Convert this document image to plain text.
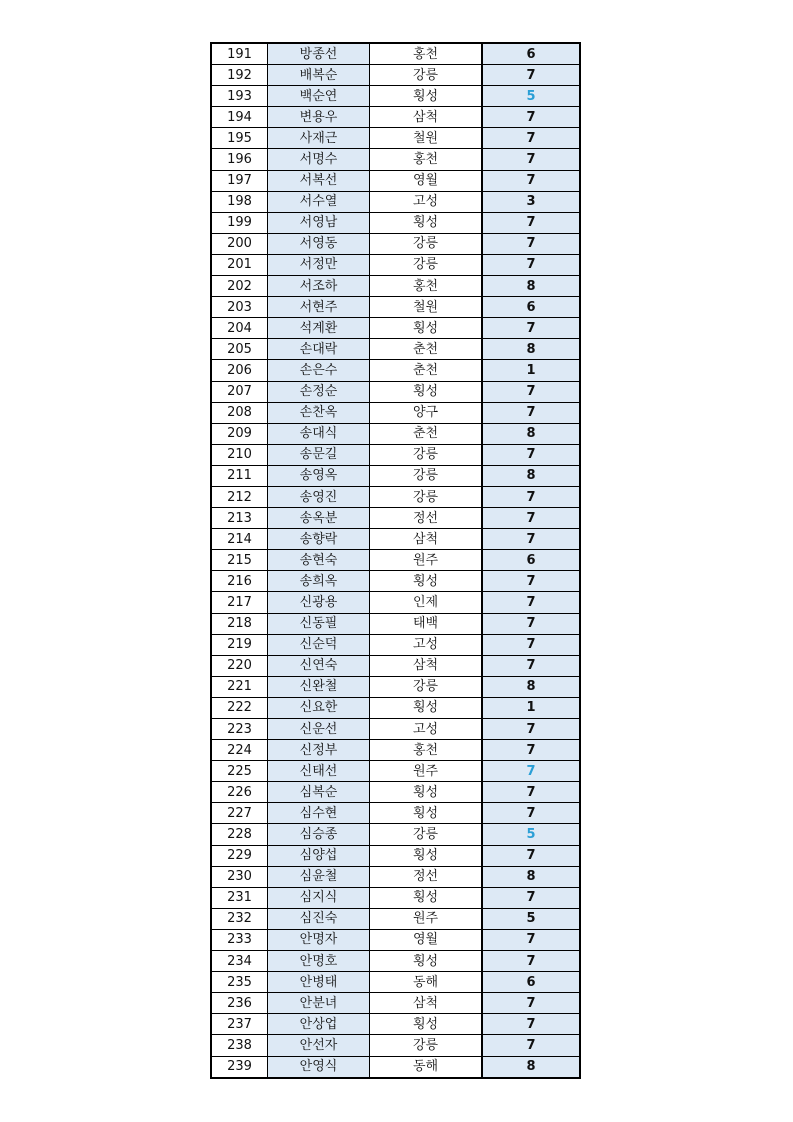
191	방종선	홍천	6
192	배복순	강릉	7
193	백순연	횡성	5
194	변용우	삼척	7
195	사재근	철원	7
196	서명수	홍천	7
197	서복선	영월	7
198	서수열	고성	3
199	서영남	횡성	7
200	서영동	강릉	7
201	서정만	강릉	7
202	서조하	홍천	8
203	서현주	철원	6
204	석계환	횡성	7
205	손대락	춘천	8
206	손은수	춘천	1
207	손정순	횡성	7
208	손찬옥	양구	7
209	송대식	춘천	8
210	송문길	강릉	7
211	송영옥	강릉	8
212	송영진	강릉	7
213	송옥분	정선	7
214	송향락	삼척	7
215	송현숙	원주	6
216	송희옥	횡성	7
217	신광용	인제	7
218	신동필	태백	7
219	신순덕	고성	7
220	신연숙	삼척	7
221	신완철	강릉	8
222	신요한	횡성	1
223	신운선	고성	7
224	신정부	홍천	7
225	신태선	원주	7
226	심복순	횡성	7
227	심수현	횡성	7
228	심승종	강릉	5
229	심양섭	횡성	7
230	심윤철	정선	8
231	심지식	횡성	7
232	심진숙	원주	5
233	안명자	영월	7
234	안명호	횡성	7
235	안병태	동해	6
236	안분녀	삼척	7
237	안상업	횡성	7
238	안선자	강릉	7
239	안영식	동해	8
